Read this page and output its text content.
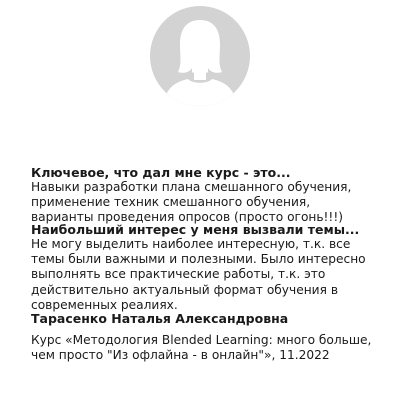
Ключевое, что дал мне курс - это...

Навыки разработки плана смешанного обучения, применение техник смешанного обучения, варианты проведения опросов (просто огонь!!!)

Наибольший интерес у меня вызвали темы...

Не могу выделить наиболее интересную, т.к. все темы были важными и полезными. Было интересно выполнять все практические работы, т.к. это действительно актуальный формат обучения в современных реалиях.

Тарасенко Наталья Александровна

Курс «Методология Blended Learning: много больше, чем просто "Из офлайна - в онлайн"», 11.2022
